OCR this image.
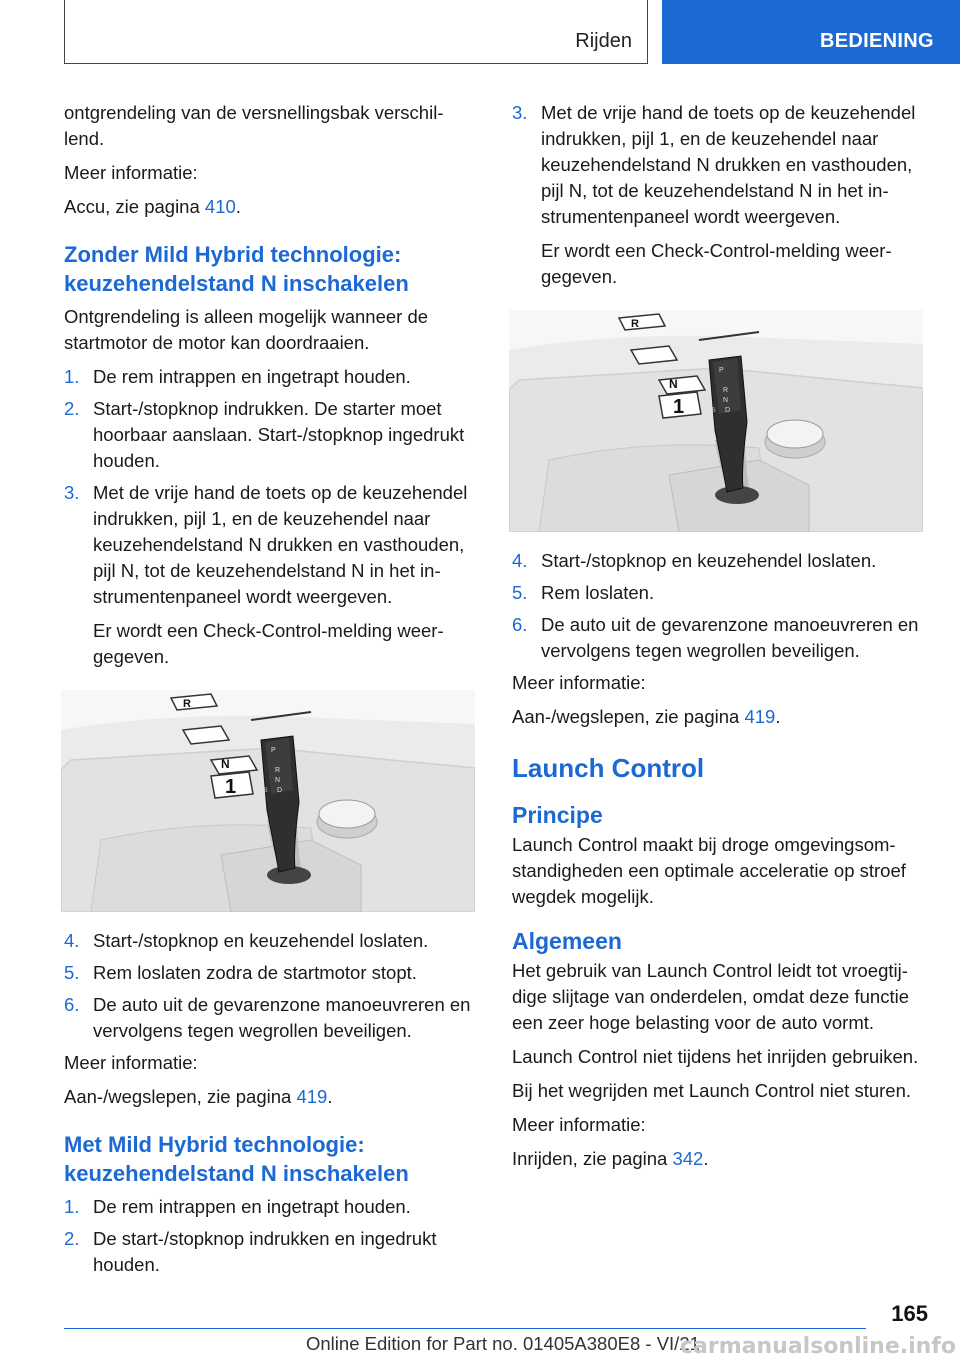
Rijden	BEDIENING

ontgrendeling van de versnellingsbak verschillend.

Meer informatie:

Accu, zie pagina 410.

Zonder Mild Hybrid technologie: keuzehendelstand N inschakelen

Ontgrendeling is alleen mogelijk wanneer de startmotor de motor kan doordraaien.

1. De rem intrappen en ingetrapt houden.
2. Start-/stopknop indrukken. De starter moet hoorbaar aanslaan. Start-/stopknop ingedrukt houden.
3. Met de vrije hand de toets op de keuzehendel indrukken, pijl 1, en de keuzehendel naar keuzehendelstand N drukken en vasthouden, pijl N, tot de keuzehendelstand N in het instrumentenpaneel wordt weergeven.

Er wordt een Check-Control-melding weergegeven.

R
N
1
P
R
N
M/S D
4. Start-/stopknop en keuzehendel loslaten.
5. Rem loslaten zodra de startmotor stopt.
6. De auto uit de gevarenzone manoeuvreren en vervolgens tegen wegrollen beveiligen.

Meer informatie:

Aan-/wegslepen, zie pagina 419.

Met Mild Hybrid technologie: keuzehendelstand N inschakelen
1. De rem intrappen en ingetrapt houden.
2. De start-/stopknop indrukken en ingedrukt houden.
3. Met de vrije hand de toets op de keuzehendel indrukken, pijl 1, en de keuzehendel naar keuzehendelstand N drukken en vasthouden, pijl N, tot de keuzehendelstand N in het instrumentenpaneel wordt weergeven.

Er wordt een Check-Control-melding weergegeven.

R
N
1
P
R
N
M/S D
4. Start-/stopknop en keuzehendel loslaten.
5. Rem loslaten.
6. De auto uit de gevarenzone manoeuvreren en vervolgens tegen wegrollen beveiligen.

Meer informatie:

Aan-/wegslepen, zie pagina 419.

Launch Control
Principe

Launch Control maakt bij droge omgevingsomstandigheden een optimale acceleratie op stroef wegdek mogelijk.

Algemeen

Het gebruik van Launch Control leidt tot vroegtijdige slijtage van onderdelen, omdat deze functie een zeer hoge belasting voor de auto vormt.

Launch Control niet tijdens het inrijden gebruiken.

Bij het wegrijden met Launch Control niet sturen.

Meer informatie:

Inrijden, zie pagina 342.

165
Online Edition for Part no. 01405A380E8 - VI/21
carmanualsonline.info
